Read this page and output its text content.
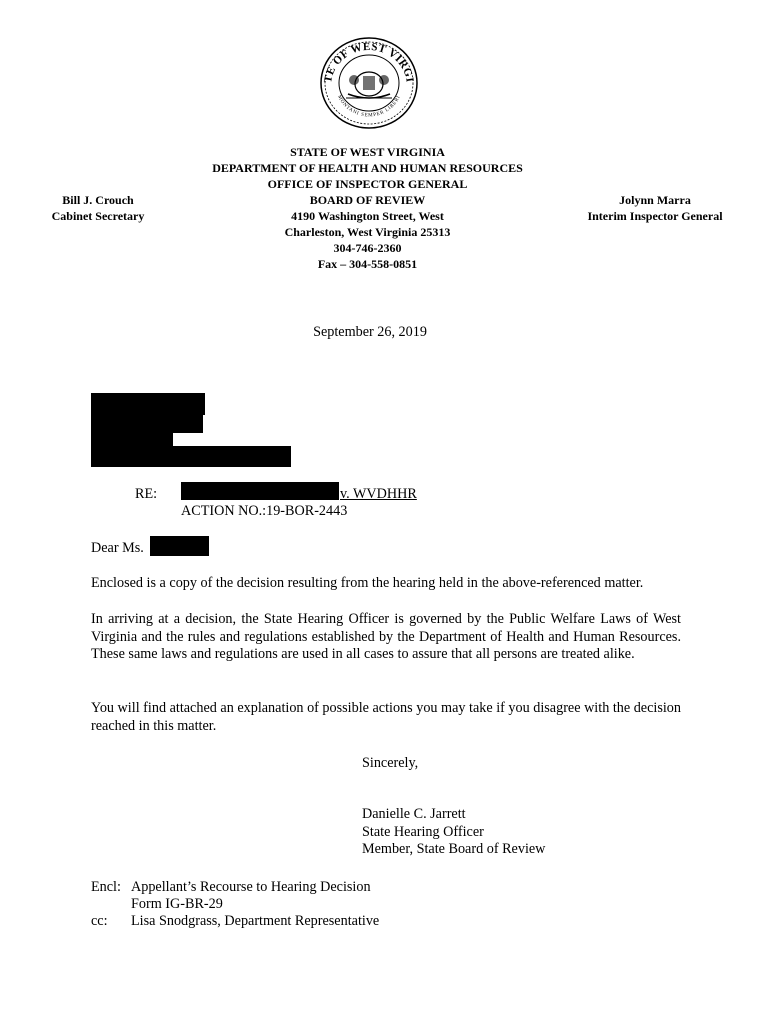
TE OF WEST VIRGI
MONTANI SEMPER LIBERI
STATE OF WEST VIRGINIA
DEPARTMENT OF HEALTH AND HUMAN RESOURCES
OFFICE OF INSPECTOR GENERAL
BOARD OF REVIEW
4190 Washington Street, West
Charleston, West Virginia 25313
304-746-2360
Fax – 304-558-0851
Bill J. Crouch
Cabinet Secretary
Jolynn Marra
Interim Inspector General
September 26, 2019
RE:	v. WVDHHR
ACTION NO.:19-BOR-2443
Dear Ms.
Enclosed is a copy of the decision resulting from the hearing held in the above-referenced matter.
In arriving at a decision, the State Hearing Officer is governed by the Public Welfare Laws of West Virginia and the rules and regulations established by the Department of Health and Human Resources. These same laws and regulations are used in all cases to assure that all persons are treated alike.
You will find attached an explanation of possible actions you may take if you disagree with the decision reached in this matter.
Sincerely,
Danielle C. Jarrett
State Hearing Officer
Member, State Board of Review
Encl: Appellant’s Recourse to Hearing Decision
Form IG-BR-29
cc: Lisa Snodgrass, Department Representative
